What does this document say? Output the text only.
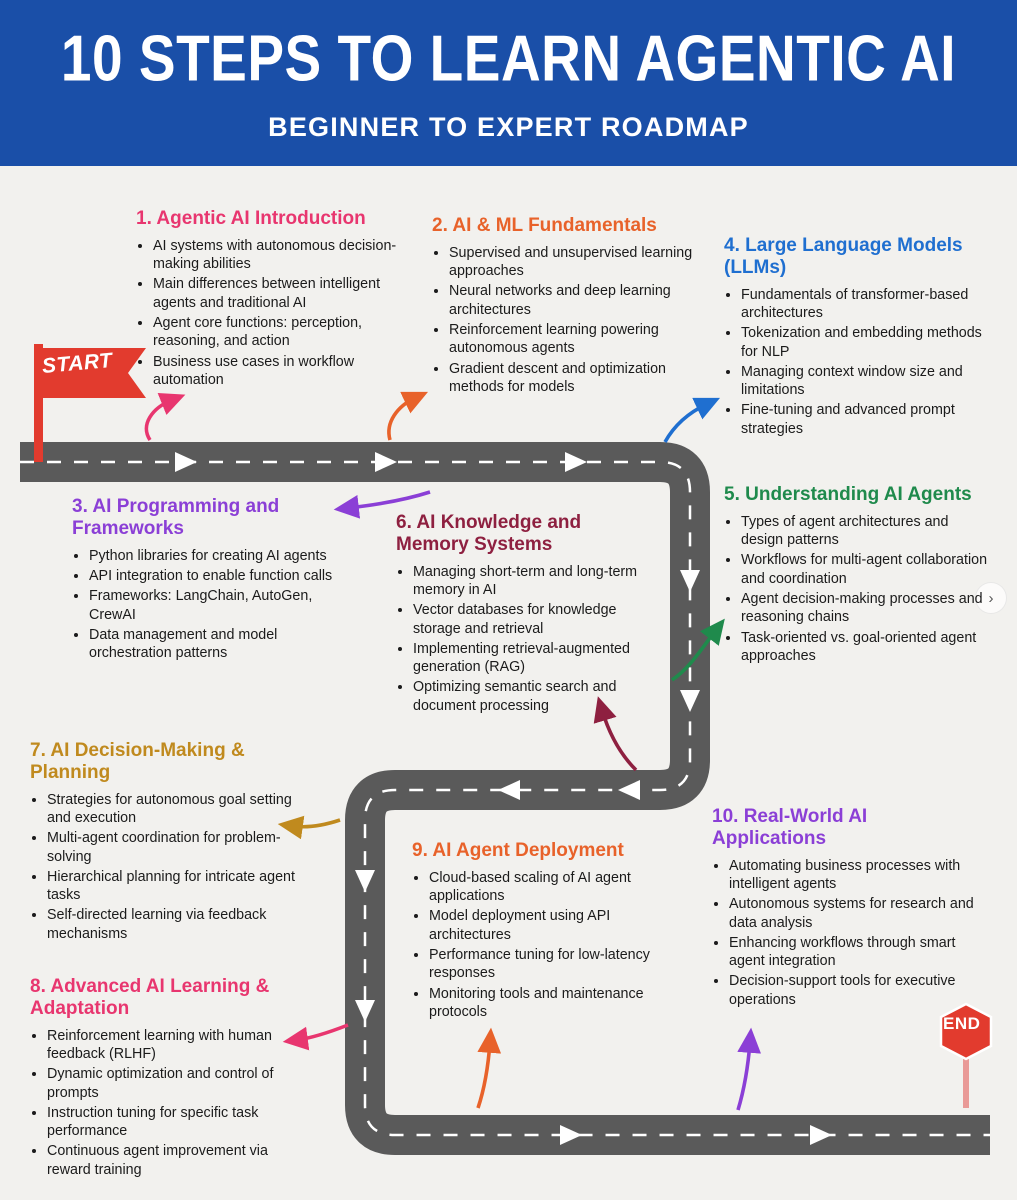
10 STEPS TO LEARN AGENTIC AI
BEGINNER TO EXPERT ROADMAP
START
END
›
1. Agentic AI Introduction
• AI systems with autonomous decision-making abilities
• Main differences between intelligent agents and traditional AI
• Agent core functions: perception, reasoning, and action
• Business use cases in workflow automation
2. AI & ML Fundamentals
• Supervised and unsupervised learning approaches
• Neural networks and deep learning architectures
• Reinforcement learning powering autonomous agents
• Gradient descent and optimization methods for models
4. Large Language Models (LLMs)
• Fundamentals of transformer-based architectures
• Tokenization and embedding methods for NLP
• Managing context window size and limitations
• Fine-tuning and advanced prompt strategies
3. AI Programming and Frameworks
• Python libraries for creating AI agents
• API integration to enable function calls
• Frameworks: LangChain, AutoGen, CrewAI
• Data management and model orchestration patterns
6. AI Knowledge and Memory Systems
• Managing short-term and long-term memory in AI
• Vector databases for knowledge storage and retrieval
• Implementing retrieval-augmented generation (RAG)
• Optimizing semantic search and document processing
5. Understanding AI Agents
• Types of agent architectures and design patterns
• Workflows for multi-agent collaboration and coordination
• Agent decision-making processes and reasoning chains
• Task-oriented vs. goal-oriented agent approaches
7. AI Decision-Making & Planning
• Strategies for autonomous goal setting and execution
• Multi-agent coordination for problem-solving
• Hierarchical planning for intricate agent tasks
• Self-directed learning via feedback mechanisms
10. Real-World AI Applications
• Automating business processes with intelligent agents
• Autonomous systems for research and data analysis
• Enhancing workflows through smart agent integration
• Decision-support tools for executive operations
9. AI Agent Deployment
• Cloud-based scaling of AI agent applications
• Model deployment using API architectures
• Performance tuning for low-latency responses
• Monitoring tools and maintenance protocols
8. Advanced AI Learning & Adaptation
• Reinforcement learning with human feedback (RLHF)
• Dynamic optimization and control of prompts
• Instruction tuning for specific task performance
• Continuous agent improvement via reward training
